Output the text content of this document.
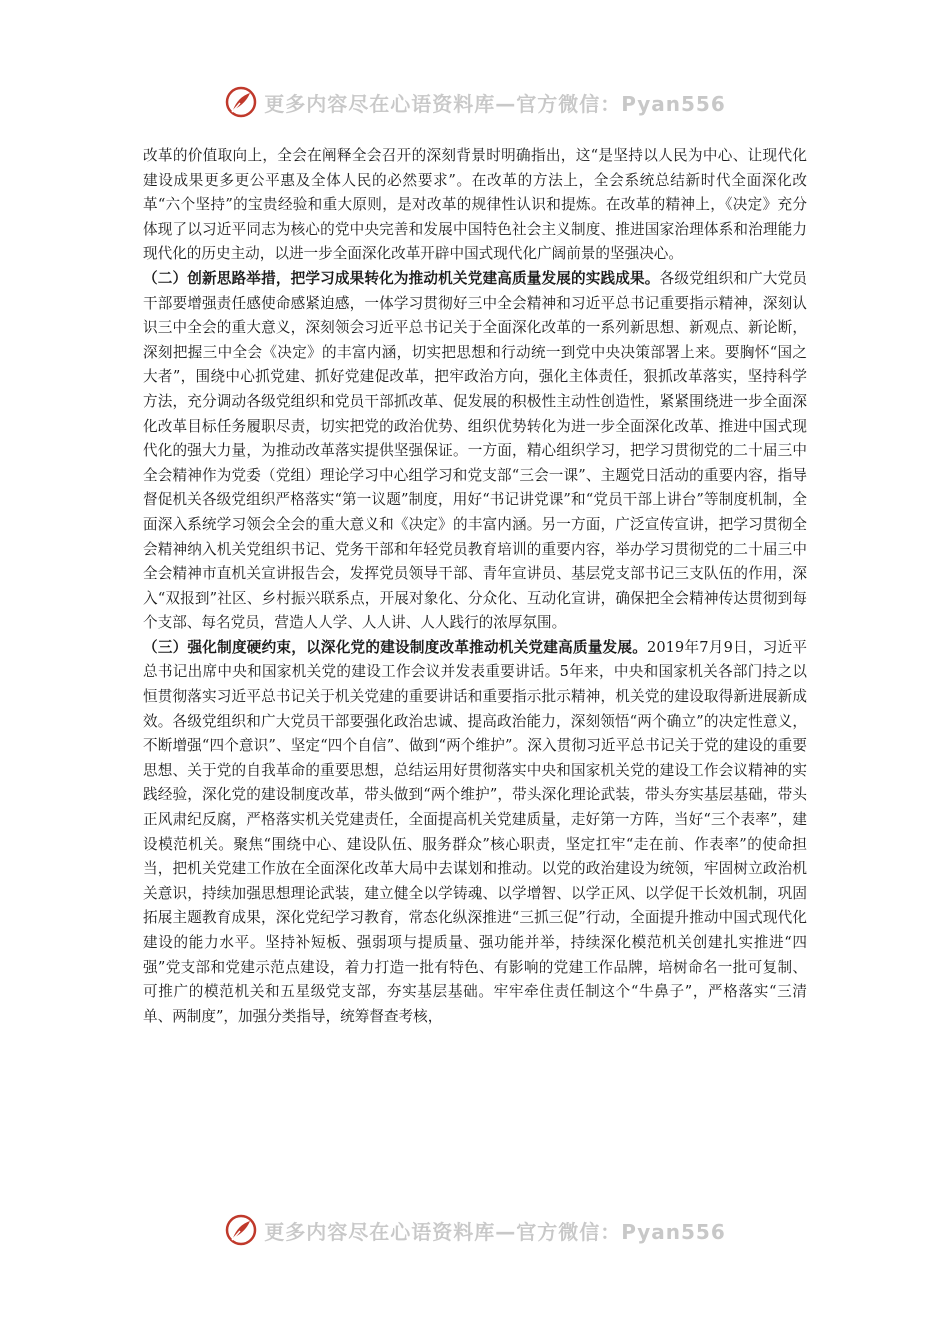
更多内容尽在心语资料库—官方微信：Pyan556

改革的价值取向上，全会在阐释全会召开的深刻背景时明确指出，这“是坚持以人民为中心、让现代化建设成果更多更公平惠及全体人民的必然要求”。在改革的方法上，全会系统总结新时代全面深化改革“六个坚持”的宝贵经验和重大原则，是对改革的规律性认识和提炼。在改革的精神上，《决定》充分体现了以习近平同志为核心的党中央完善和发展中国特色社会主义制度、推进国家治理体系和治理能力现代化的历史主动，以进一步全面深化改革开辟中国式现代化广阔前景的坚强决心。

（二）创新思路举措，把学习成果转化为推动机关党建高质量发展的实践成果。各级党组织和广大党员干部要增强责任感使命感紧迫感，一体学习贯彻好三中全会精神和习近平总书记重要指示精神，深刻认识三中全会的重大意义，深刻领会习近平总书记关于全面深化改革的一系列新思想、新观点、新论断，深刻把握三中全会《决定》的丰富内涵，切实把思想和行动统一到党中央决策部署上来。要胸怀“国之大者”，围绕中心抓党建、抓好党建促改革，把牢政治方向，强化主体责任，狠抓改革落实，坚持科学方法，充分调动各级党组织和党员干部抓改革、促发展的积极性主动性创造性，紧紧围绕进一步全面深化改革目标任务履职尽责，切实把党的政治优势、组织优势转化为进一步全面深化改革、推进中国式现代化的强大力量，为推动改革落实提供坚强保证。一方面，精心组织学习，把学习贯彻党的二十届三中全会精神作为党委（党组）理论学习中心组学习和党支部“三会一课”、主题党日活动的重要内容，指导督促机关各级党组织严格落实“第一议题”制度，用好“书记讲党课”和“党员干部上讲台”等制度机制，全面深入系统学习领会全会的重大意义和《决定》的丰富内涵。另一方面，广泛宣传宣讲，把学习贯彻全会精神纳入机关党组织书记、党务干部和年轻党员教育培训的重要内容，举办学习贯彻党的二十届三中全会精神市直机关宣讲报告会，发挥党员领导干部、青年宣讲员、基层党支部书记三支队伍的作用，深入“双报到”社区、乡村振兴联系点，开展对象化、分众化、互动化宣讲，确保把全会精神传达贯彻到每个支部、每名党员，营造人人学、人人讲、人人践行的浓厚氛围。

（三）强化制度硬约束，以深化党的建设制度改革推动机关党建高质量发展。2019年7月9日，习近平总书记出席中央和国家机关党的建设工作会议并发表重要讲话。5年来，中央和国家机关各部门持之以恒贯彻落实习近平总书记关于机关党建的重要讲话和重要指示批示精神，机关党的建设取得新进展新成效。各级党组织和广大党员干部要强化政治忠诚、提高政治能力，深刻领悟“两个确立”的决定性意义，不断增强“四个意识”、坚定“四个自信”、做到“两个维护”。深入贯彻习近平总书记关于党的建设的重要思想、关于党的自我革命的重要思想，总结运用好贯彻落实中央和国家机关党的建设工作会议精神的实践经验，深化党的建设制度改革，带头做到“两个维护”，带头深化理论武装，带头夯实基层基础，带头正风肃纪反腐，严格落实机关党建责任，全面提高机关党建质量，走好第一方阵，当好“三个表率”，建设模范机关。聚焦“围绕中心、建设队伍、服务群众”核心职责，坚定扛牢“走在前、作表率”的使命担当，把机关党建工作放在全面深化改革大局中去谋划和推动。以党的政治建设为统领，牢固树立政治机关意识，持续加强思想理论武装，建立健全以学铸魂、以学增智、以学正风、以学促干长效机制，巩固拓展主题教育成果，深化党纪学习教育，常态化纵深推进“三抓三促”行动，全面提升推动中国式现代化建设的能力水平。坚持补短板、强弱项与提质量、强功能并举，持续深化模范机关创建扎实推进“四强”党支部和党建示范点建设，着力打造一批有特色、有影响的党建工作品牌，培树命名一批可复制、可推广的模范机关和五星级党支部，夯实基层基础。牢牢牵住责任制这个“牛鼻子”，严格落实“三清单、两制度”，加强分类指导，统筹督查考核，

更多内容尽在心语资料库—官方微信：Pyan556
